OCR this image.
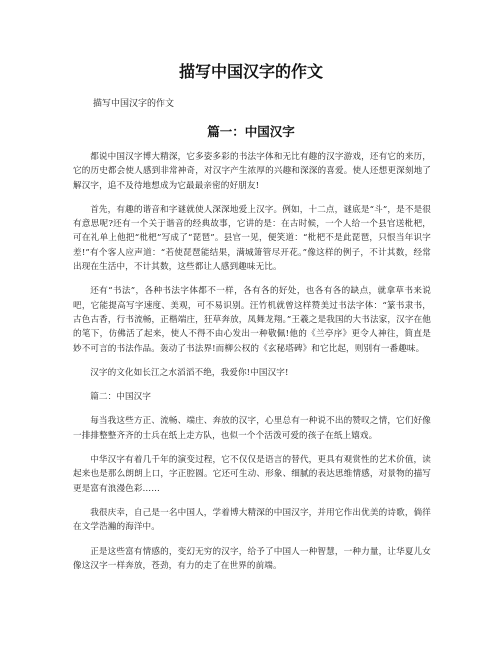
描写中国汉字的作文
描写中国汉字的作文
篇一：中国汉字

都说中国汉字博大精深，它多姿多彩的书法字体和无比有趣的汉字游戏，还有它的来历，它的历史都会使人感到非常神奇，对汉字产生浓厚的兴趣和深深的喜爱。使人还想更深刻地了解汉字，追不及待地想成为它最最亲密的好朋友!

首先，有趣的谐音和字谜就使人深深地爱上汉字。例如，十二点，谜底是“斗”，是不是很有意思呢?还有一个关于谐音的经典故事，它讲的是：在古时候，一个人给一个县官送枇杷，可在礼单上他把“枇杷”写成了“琵琶”。县官一见，便笑道：“枇杷不是此琵琶，只恨当年识字差!”有个客人应声道：“若使琵琶能结果，满城箫管尽开花。”像这样的例子，不计其数，经常出现在生活中，不计其数，这些都让人感到趣味无比。

还有“书法”，各种书法字体都不一样，各有各的好处，也各有各的缺点，就拿草书来说吧，它能提高写字速度、美观，可不易识别。汪竹机就曾这样赞美过书法字体：“篆书隶书，古色古香，行书流畅，正楷端庄，狂草奔放，凤舞龙翔。”王羲之是我国的大书法家，汉字在他的笔下，仿佛活了起来，使人不得不由心发出一种敬佩!他的《兰亭序》更令人神往，简直是妙不可言的书法作品。轰动了书法界!而柳公权的《玄秘塔碑》和它比起，则别有一番趣味。

汉字的文化如长江之水滔滔不绝，我爱你!中国汉字!

篇二：中国汉字

每当我这些方正、流畅、端庄、奔放的汉字，心里总有一种说不出的赞叹之情，它们好像一排排整整齐齐的士兵在纸上走方队，也似一个个活泼可爱的孩子在纸上嬉戏。

中华汉字有着几千年的演变过程，它不仅仅是语言的替代，更具有观赏性的艺术价值，读起来也是那么朗朗上口，字正腔圆。它还可生动、形象、细腻的表达思维情感，对景物的描写更是富有浪漫色彩……

我很庆幸，自己是一名中国人，学着博大精深的中国汉字，并用它作出优美的诗歌，倘徉在文学浩瀚的海洋中。

正是这些富有情感的，变幻无穷的汉字，给予了中国人一种智慧，一种力量，让华夏儿女像这汉字一样奔放，苍劲，有力的走了在世界的前端。
